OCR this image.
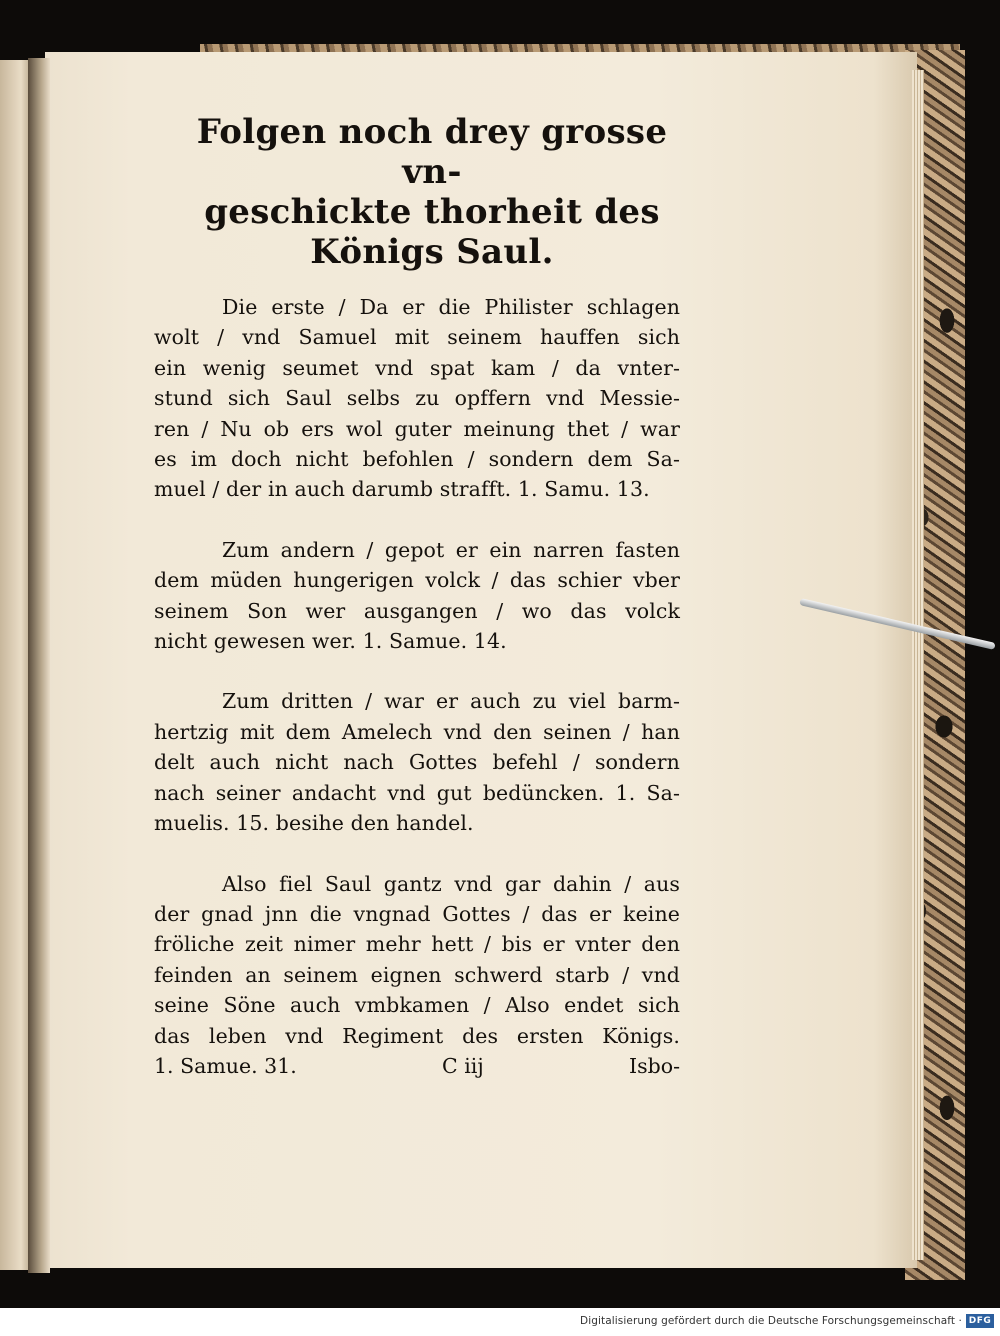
Folgen noch drey grosse vn-
geschickte thorheit des
Königs Saul.

Die erste / Da er die Philister schlagen
wolt / vnd Samuel mit seinem hauffen sich
ein wenig seumet vnd spat kam / da vnter-
stund sich Saul selbs zu opffern vnd Messie-
ren / Nu ob ers wol guter meinung thet / war
es im doch nicht befohlen / sondern dem Sa-
muel / der in auch darumb strafft. 1. Samu. 13.

Zum andern / gepot er ein narren fasten
dem müden hungerigen volck / das schier vber
seinem Son wer ausgangen / wo das volck
nicht gewesen wer. 1. Samue. 14.

Zum dritten / war er auch zu viel barm-
hertzig mit dem Amelech vnd den seinen / han
delt auch nicht nach Gottes befehl / sondern
nach seiner andacht vnd gut bedüncken. 1. Sa-
muelis. 15. besihe den handel.

Also fiel Saul gantz vnd gar dahin / aus
der gnad jnn die vngnad Gottes / das er keine
fröliche zeit nimer mehr hett / bis er vnter den
feinden an seinem eignen schwerd starb / vnd
seine Söne auch vmbkamen / Also endet sich
das leben vnd Regiment des ersten Königs.

1. Samue. 31.	C iij	Isbo-
Digitalisierung gefördert durch die Deutsche Forschungsgemeinschaft · DFG
